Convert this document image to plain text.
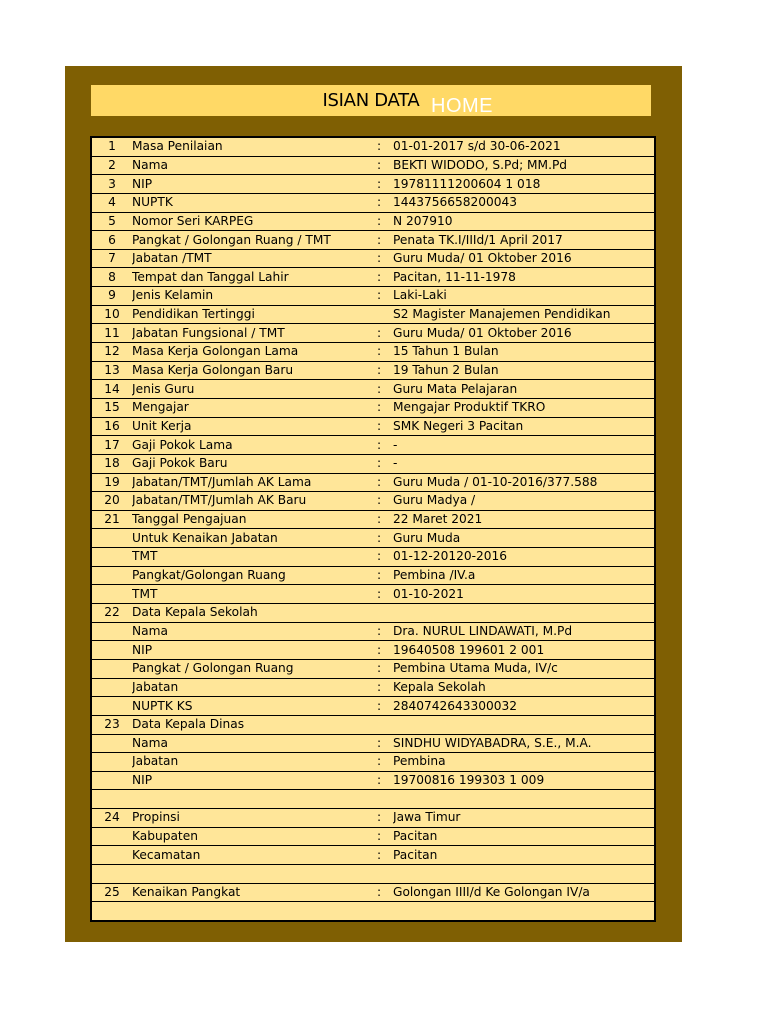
ISIAN DATA HOME
1	Masa Penilaian	:	01-01-2017 s/d 30-06-2021
2	Nama	:	BEKTI WIDODO, S.Pd; MM.Pd
3	NIP	:	19781111200604 1 018
4	NUPTK	:	1443756658200043
5	Nomor Seri KARPEG	:	N 207910
6	Pangkat / Golongan Ruang / TMT	:	Penata TK.I/IIId/1 April 2017
7	Jabatan /TMT	:	Guru Muda/ 01 Oktober 2016
8	Tempat dan Tanggal Lahir	:	Pacitan, 11-11-1978
9	Jenis Kelamin	:	Laki-Laki
10	Pendidikan Tertinggi		S2 Magister Manajemen Pendidikan
11	Jabatan Fungsional / TMT	:	Guru Muda/ 01 Oktober 2016
12	Masa Kerja Golongan Lama	:	15 Tahun 1 Bulan
13	Masa Kerja Golongan Baru	:	19 Tahun 2 Bulan
14	Jenis Guru	:	Guru Mata Pelajaran
15	Mengajar	:	Mengajar Produktif TKRO
16	Unit Kerja	:	SMK Negeri 3 Pacitan
17	Gaji Pokok Lama	:	-
18	Gaji Pokok Baru	:	-
19	Jabatan/TMT/Jumlah AK Lama	:	Guru Muda / 01-10-2016/377.588
20	Jabatan/TMT/Jumlah AK Baru	:	Guru Madya /
21	Tanggal Pengajuan	:	22 Maret 2021
	Untuk Kenaikan Jabatan	:	Guru Muda
	TMT	:	01-12-20120-2016
	Pangkat/Golongan Ruang	:	Pembina /IV.a
	TMT	:	01-10-2021
22	Data Kepala Sekolah		
	Nama	:	Dra. NURUL LINDAWATI, M.Pd
	NIP	:	19640508 199601 2 001
	Pangkat / Golongan Ruang	:	Pembina Utama Muda, IV/c
	Jabatan	:	Kepala Sekolah
	NUPTK KS	:	2840742643300032
23	Data Kepala Dinas		
	Nama	:	SINDHU WIDYABADRA, S.E., M.A.
	Jabatan	:	Pembina
	NIP	:	19700816 199303 1 009

24	Propinsi	:	Jawa Timur
	Kabupaten	:	Pacitan
	Kecamatan	:	Pacitan

25	Kenaikan Pangkat	:	Golongan IIII/d Ke Golongan IV/a
